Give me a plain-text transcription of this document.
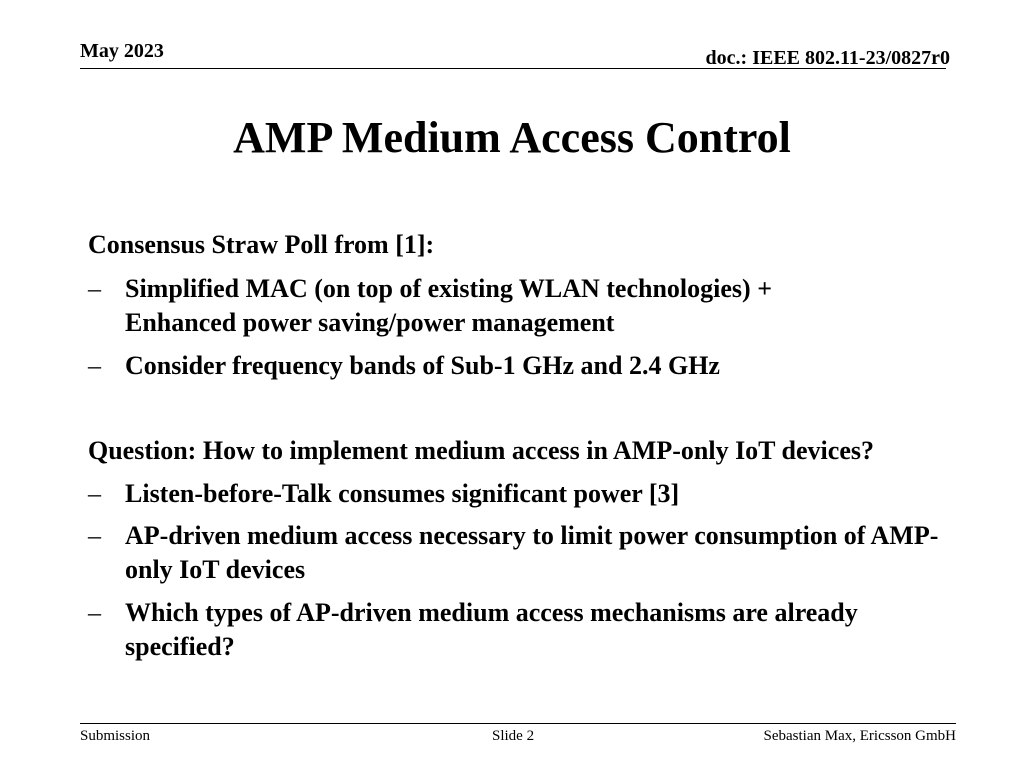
May 2023	doc.: IEEE 802.11-23/0827r0
AMP Medium Access Control
Consensus Straw Poll from [1]:
– Simplified MAC (on top of existing WLAN technologies) + Enhanced power saving/power management
– Consider frequency bands of Sub-1 GHz and 2.4 GHz
Question: How to implement medium access in AMP-only IoT devices?
– Listen-before-Talk consumes significant power [3]
– AP-driven medium access necessary to limit power consumption of AMP-only IoT devices
– Which types of AP-driven medium access mechanisms are already specified?
Submission	Slide 2	Sebastian Max, Ericsson GmbH
